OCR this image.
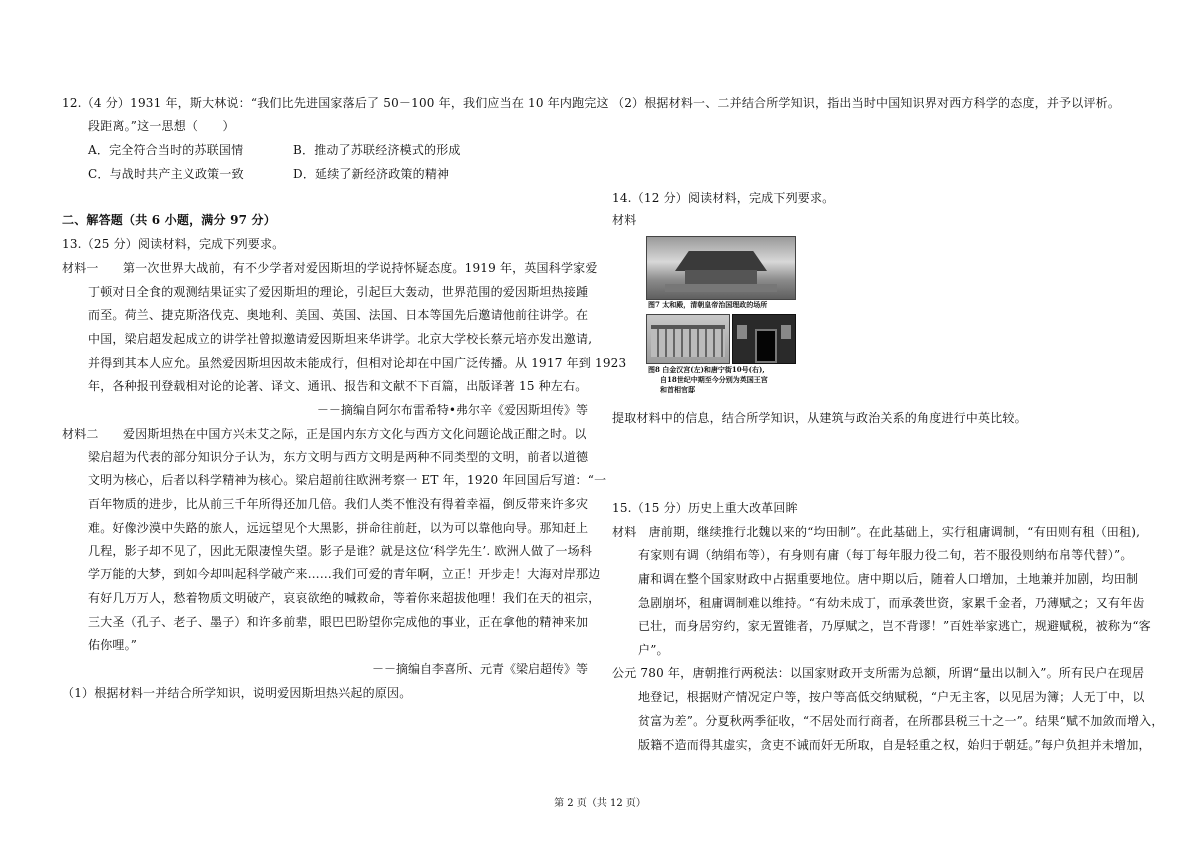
12.（4 分）1931 年，斯大林说：“我们比先进国家落后了 50－100 年，我们应当在 10 年内跑完这
段距离。”这一思想（　　）
A．完全符合当时的苏联国情	B．推动了苏联经济模式的形成
C．与战时共产主义政策一致	D．延续了新经济政策的精神
二、解答题（共 6 小题，满分 97 分）
13.（25 分）阅读材料，完成下列要求。
材料一　　第一次世界大战前，有不少学者对爱因斯坦的学说持怀疑态度。1919 年，英国科学家爱
丁顿对日全食的观测结果证实了爱因斯坦的理论，引起巨大轰动，世界范围的爱因斯坦热接踵
而至。荷兰、捷克斯洛伐克、奥地利、美国、英国、法国、日本等国先后邀请他前往讲学。在
中国，梁启超发起成立的讲学社曾拟邀请爱因斯坦来华讲学。北京大学校长蔡元培亦发出邀请,
并得到其本人应允。虽然爱因斯坦因故未能成行，但相对论却在中国广泛传播。从 1917 年到 1923
年，各种报刊登载相对论的论著、译文、通讯、报告和文献不下百篇，出版译著 15 种左右。
－－摘编自阿尔布雷希特•弗尔辛《爱因斯坦传》等
材料二　　爱因斯坦热在中国方兴未艾之际，正是国内东方文化与西方文化问题论战正酣之时。以
梁启超为代表的部分知识分子认为，东方文明与西方文明是两种不同类型的文明，前者以道德
文明为核心，后者以科学精神为核心。梁启超前往欧洲考察一 ET 年，1920 年回国后写道：“一
百年物质的进步，比从前三千年所得还加几倍。我们人类不惟没有得着幸福，倒反带来许多灾
难。好像沙漠中失路的旅人，远远望见个大黑影，拼命往前赶，以为可以靠他向导。那知赶上
几程，影子却不见了，因此无限凄惶失望。影子是谁？就是这位‘科学先生’. 欧洲人做了一场科
学万能的大梦，到如今却叫起科学破产来……我们可爱的青年啊，立正！开步走！大海对岸那边
有好几万万人，愁着物质文明破产，哀哀欲绝的喊救命，等着你来超拔他哩！我们在天的祖宗，
三大圣（孔子、老子、墨子）和许多前辈，眼巴巴盼望你完成他的事业，正在拿他的精神来加
佑你哩。”
－－摘编自李喜所、元青《梁启超传》等
（1）根据材料一并结合所学知识，说明爱因斯坦热兴起的原因。
（2）根据材料一、二并结合所学知识，指出当时中国知识界对西方科学的态度，并予以评析。
14.（12 分）阅读材料，完成下列要求。
材料
提取材料中的信息，结合所学知识，从建筑与政治关系的角度进行中英比较。
15.（15 分）历史上重大改革回眸
材料　唐前期，继续推行北魏以来的“均田制”。在此基础上，实行租庸调制，“有田则有租（田租),
有家则有调（纳绢布等），有身则有庸（每丁每年服力役二旬，若不服役则纳布帛等代替）”。
庸和调在整个国家财政中占据重要地位。唐中期以后，随着人口增加，土地兼并加剧，均田制
急剧崩坏，租庸调制难以维持。“有幼未成丁，而承袭世资，家累千金者，乃薄赋之；又有年齿
已壮，而身居穷约，家无置锥者，乃厚赋之，岂不背谬！”百姓举家逃亡，规避赋税，被称为“客
户”。
公元 780 年，唐朝推行两税法：以国家财政开支所需为总额，所谓“量出以制入”。所有民户在现居
地登记，根据财产情况定户等，按户等高低交纳赋税，“户无主客，以见居为簿；人无丁中，以
贫富为差”。分夏秋两季征收，“不居处而行商者，在所郡县税三十之一”。结果“赋不加敛而增入，
版籍不造而得其虚实，贪吏不诫而奸无所取，自是轻重之权，始归于朝廷。”每户负担并未增加，
图7 太和殿，清朝皇帝治国理政的场所
图8 白金汉宫(左)和唐宁街10号(右),
自18世纪中期至今分别为英国王宫
和首相官邸
第 2 页（共 12 页）
